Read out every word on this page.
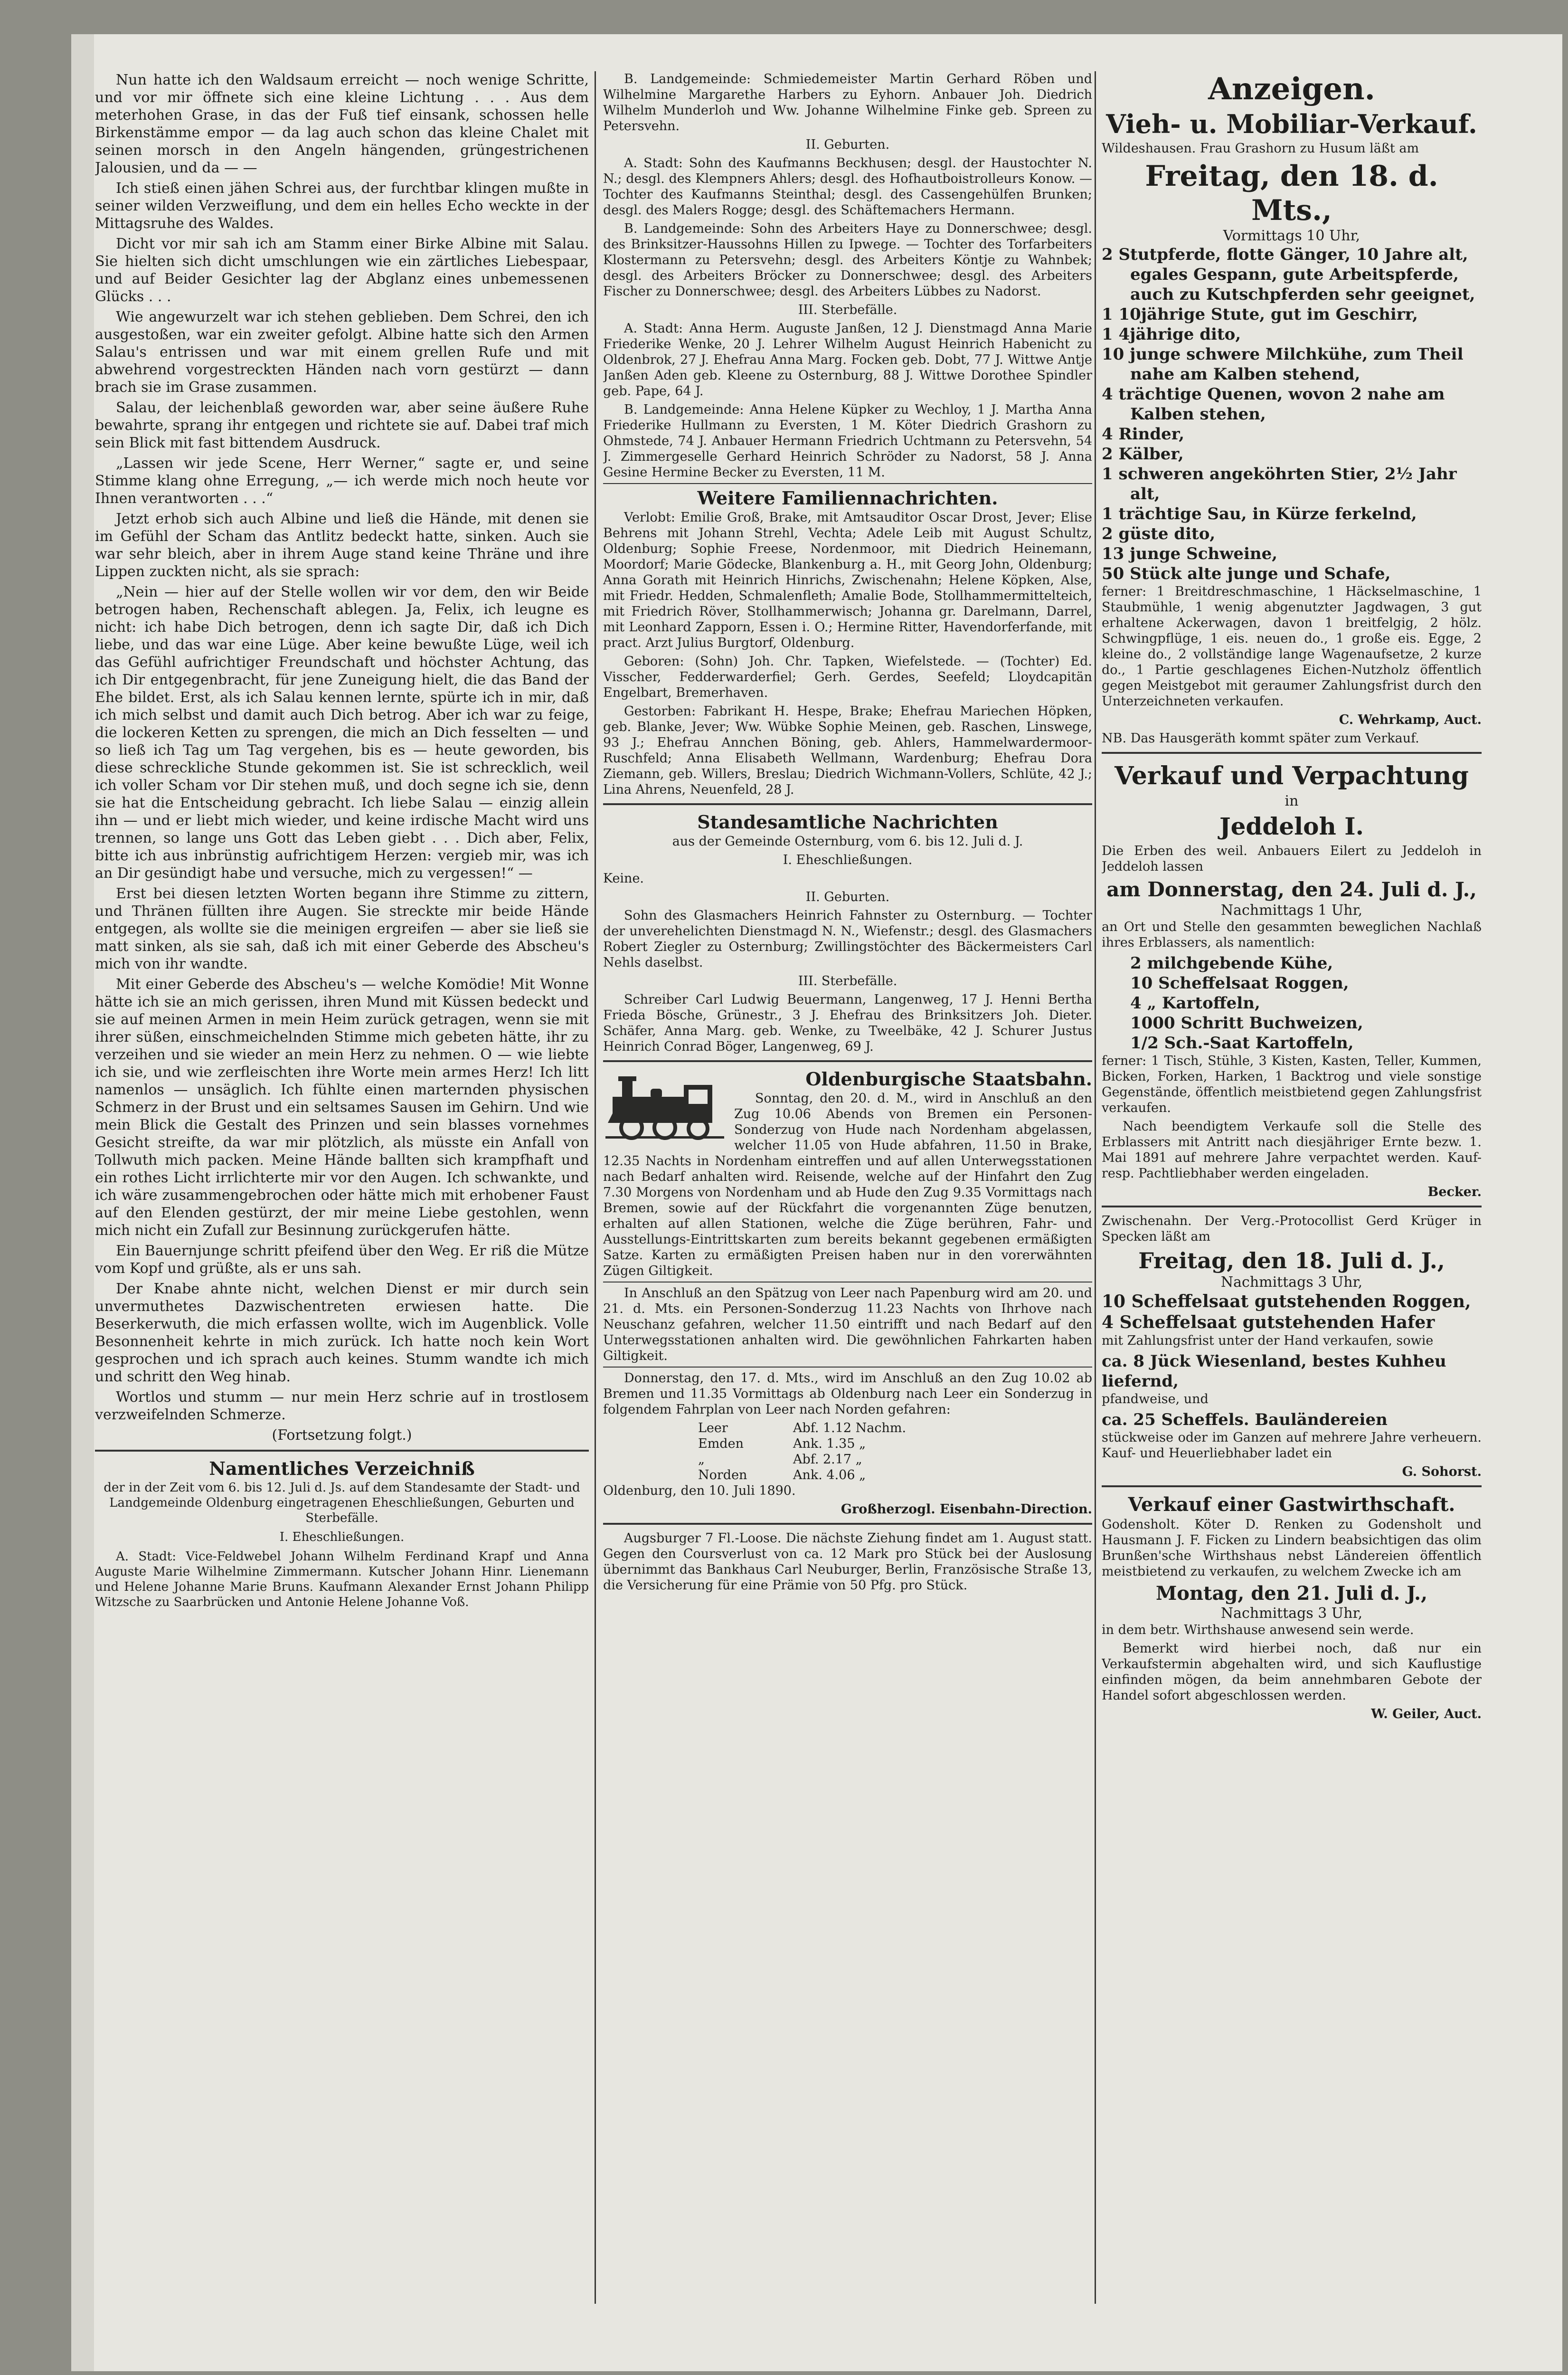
Nun hatte ich den Waldsaum erreicht — noch wenige Schritte, und vor mir öffnete sich eine kleine Lichtung . . . Aus dem meterhohen Grase, in das der Fuß tief einsank, schossen helle Birkenstämme empor — da lag auch schon das kleine Chalet mit seinen morsch in den Angeln hängenden, grüngestrichenen Jalousien, und da — —

Ich stieß einen jähen Schrei aus, der furchtbar klingen mußte in seiner wilden Verzweiflung, und dem ein helles Echo weckte in der Mittagsruhe des Waldes.

Dicht vor mir sah ich am Stamm einer Birke Albine mit Salau. Sie hielten sich dicht umschlungen wie ein zärtliches Liebespaar, und auf Beider Gesichter lag der Abglanz eines unbemessenen Glücks . . .

Wie angewurzelt war ich stehen geblieben. Dem Schrei, den ich ausgestoßen, war ein zweiter gefolgt. Albine hatte sich den Armen Salau's entrissen und war mit einem grellen Rufe und mit abwehrend vorgestreckten Händen nach vorn gestürzt — dann brach sie im Grase zusammen.

Salau, der leichenblaß geworden war, aber seine äußere Ruhe bewahrte, sprang ihr entgegen und richtete sie auf. Dabei traf mich sein Blick mit fast bittendem Ausdruck.

„Lassen wir jede Scene, Herr Werner,“ sagte er, und seine Stimme klang ohne Erregung, „— ich werde mich noch heute vor Ihnen verantworten . . .“

Jetzt erhob sich auch Albine und ließ die Hände, mit denen sie im Gefühl der Scham das Antlitz bedeckt hatte, sinken. Auch sie war sehr bleich, aber in ihrem Auge stand keine Thräne und ihre Lippen zuckten nicht, als sie sprach:

„Nein — hier auf der Stelle wollen wir vor dem, den wir Beide betrogen haben, Rechenschaft ablegen. Ja, Felix, ich leugne es nicht: ich habe Dich betrogen, denn ich sagte Dir, daß ich Dich liebe, und das war eine Lüge. Aber keine bewußte Lüge, weil ich das Gefühl aufrichtiger Freundschaft und höchster Achtung, das ich Dir entgegenbracht, für jene Zuneigung hielt, die das Band der Ehe bildet. Erst, als ich Salau kennen lernte, spürte ich in mir, daß ich mich selbst und damit auch Dich betrog. Aber ich war zu feige, die lockeren Ketten zu sprengen, die mich an Dich fesselten — und so ließ ich Tag um Tag vergehen, bis es — heute geworden, bis diese schreckliche Stunde gekommen ist. Sie ist schrecklich, weil ich voller Scham vor Dir stehen muß, und doch segne ich sie, denn sie hat die Entscheidung gebracht. Ich liebe Salau — einzig allein ihn — und er liebt mich wieder, und keine irdische Macht wird uns trennen, so lange uns Gott das Leben giebt . . . Dich aber, Felix, bitte ich aus inbrünstig aufrichtigem Herzen: vergieb mir, was ich an Dir gesündigt habe und versuche, mich zu vergessen!“ —

Erst bei diesen letzten Worten begann ihre Stimme zu zittern, und Thränen füllten ihre Augen. Sie streckte mir beide Hände entgegen, als wollte sie die meinigen ergreifen — aber sie ließ sie matt sinken, als sie sah, daß ich mit einer Geberde des Abscheu's mich von ihr wandte.

Mit einer Geberde des Abscheu's — welche Komödie! Mit Wonne hätte ich sie an mich gerissen, ihren Mund mit Küssen bedeckt und sie auf meinen Armen in mein Heim zurück getragen, wenn sie mit ihrer süßen, einschmeichelnden Stimme mich gebeten hätte, ihr zu verzeihen und sie wieder an mein Herz zu nehmen. O — wie liebte ich sie, und wie zerfleischten ihre Worte mein armes Herz! Ich litt namenlos — unsäglich. Ich fühlte einen marternden physischen Schmerz in der Brust und ein seltsames Sausen im Gehirn. Und wie mein Blick die Gestalt des Prinzen und sein blasses vornehmes Gesicht streifte, da war mir plötzlich, als müsste ein Anfall von Tollwuth mich packen. Meine Hände ballten sich krampfhaft und ein rothes Licht irrlichterte mir vor den Augen. Ich schwankte, und ich wäre zusammengebrochen oder hätte mich mit erhobener Faust auf den Elenden gestürzt, der mir meine Liebe gestohlen, wenn mich nicht ein Zufall zur Besinnung zurückgerufen hätte.

Ein Bauernjunge schritt pfeifend über den Weg. Er riß die Mütze vom Kopf und grüßte, als er uns sah.

Der Knabe ahnte nicht, welchen Dienst er mir durch sein unvermuthetes Dazwischentreten erwiesen hatte. Die Beserkerwuth, die mich erfassen wollte, wich im Augenblick. Volle Besonnenheit kehrte in mich zurück. Ich hatte noch kein Wort gesprochen und ich sprach auch keines. Stumm wandte ich mich und schritt den Weg hinab.

Wortlos und stumm — nur mein Herz schrie auf in trostlosem verzweifelnden Schmerze.

(Fortsetzung folgt.)

Namentliches Verzeichniß

der in der Zeit vom 6. bis 12. Juli d. Js. auf dem Standesamte der Stadt- und Landgemeinde Oldenburg eingetragenen Eheschließungen, Geburten und Sterbefälle.

I. Eheschließungen.

A. Stadt: Vice-Feldwebel Johann Wilhelm Ferdinand Krapf und Anna Auguste Marie Wilhelmine Zimmermann. Kutscher Johann Hinr. Lienemann und Helene Johanne Marie Bruns. Kaufmann Alexander Ernst Johann Philipp Witzsche zu Saarbrücken und Antonie Helene Johanne Voß.

B. Landgemeinde: Schmiedemeister Martin Gerhard Röben und Wilhelmine Margarethe Harbers zu Eyhorn. Anbauer Joh. Diedrich Wilhelm Munderloh und Ww. Johanne Wilhelmine Finke geb. Spreen zu Petersvehn.

II. Geburten.

A. Stadt: Sohn des Kaufmanns Beckhusen; desgl. der Haustochter N. N.; desgl. des Klempners Ahlers; desgl. des Hofhautboistrolleurs Konow. — Tochter des Kaufmanns Steinthal; desgl. des Cassengehülfen Brunken; desgl. des Malers Rogge; desgl. des Schäftemachers Hermann.

B. Landgemeinde: Sohn des Arbeiters Haye zu Donnerschwee; desgl. des Brinksitzer-Haussohns Hillen zu Ipwege. — Tochter des Torfarbeiters Klostermann zu Petersvehn; desgl. des Arbeiters Köntje zu Wahnbek; desgl. des Arbeiters Bröcker zu Donnerschwee; desgl. des Arbeiters Fischer zu Donnerschwee; desgl. des Arbeiters Lübbes zu Nadorst.

III. Sterbefälle.

A. Stadt: Anna Herm. Auguste Janßen, 12 J. Dienstmagd Anna Marie Friederike Wenke, 20 J. Lehrer Wilhelm August Heinrich Habenicht zu Oldenbrok, 27 J. Ehefrau Anna Marg. Focken geb. Dobt, 77 J. Wittwe Antje Janßen Aden geb. Kleene zu Osternburg, 88 J. Wittwe Dorothee Spindler geb. Pape, 64 J.

B. Landgemeinde: Anna Helene Küpker zu Wechloy, 1 J. Martha Anna Friederike Hullmann zu Eversten, 1 M. Köter Diedrich Grashorn zu Ohmstede, 74 J. Anbauer Hermann Friedrich Uchtmann zu Petersvehn, 54 J. Zimmergeselle Gerhard Heinrich Schröder zu Nadorst, 58 J. Anna Gesine Hermine Becker zu Eversten, 11 M.

Weitere Familiennachrichten.

Verlobt: Emilie Groß, Brake, mit Amtsauditor Oscar Drost, Jever; Elise Behrens mit Johann Strehl, Vechta; Adele Leib mit August Schultz, Oldenburg; Sophie Freese, Nordenmoor, mit Diedrich Heinemann, Moordorf; Marie Gödecke, Blankenburg a. H., mit Georg John, Oldenburg; Anna Gorath mit Heinrich Hinrichs, Zwischenahn; Helene Köpken, Alse, mit Friedr. Hedden, Schmalenfleth; Amalie Bode, Stollhammermittelteich, mit Friedrich Röver, Stollhammerwisch; Johanna gr. Darelmann, Darrel, mit Leonhard Zapporn, Essen i. O.; Hermine Ritter, Havendorferfande, mit pract. Arzt Julius Burgtorf, Oldenburg.

Geboren: (Sohn) Joh. Chr. Tapken, Wiefelstede. — (Tochter) Ed. Visscher, Fedderwarderfiel; Gerh. Gerdes, Seefeld; Lloydcapitän Engelbart, Bremerhaven.

Gestorben: Fabrikant H. Hespe, Brake; Ehefrau Mariechen Höpken, geb. Blanke, Jever; Ww. Wübke Sophie Meinen, geb. Raschen, Linswege, 93 J.; Ehefrau Annchen Böning, geb. Ahlers, Hammelwardermoor-Ruschfeld; Anna Elisabeth Wellmann, Wardenburg; Ehefrau Dora Ziemann, geb. Willers, Breslau; Diedrich Wichmann-Vollers, Schlüte, 42 J.; Lina Ahrens, Neuenfeld, 28 J.

Standesamtliche Nachrichten

aus der Gemeinde Osternburg, vom 6. bis 12. Juli d. J.

I. Eheschließungen.

Keine.

II. Geburten.

Sohn des Glasmachers Heinrich Fahnster zu Osternburg. — Tochter der unverehelichten Dienstmagd N. N., Wiefenstr.; desgl. des Glasmachers Robert Ziegler zu Osternburg; Zwillingstöchter des Bäckermeisters Carl Nehls daselbst.

III. Sterbefälle.

Schreiber Carl Ludwig Beuermann, Langenweg, 17 J. Henni Bertha Frieda Bösche, Grünestr., 3 J. Ehefrau des Brinksitzers Joh. Dieter. Schäfer, Anna Marg. geb. Wenke, zu Tweelbäke, 42 J. Schurer Justus Heinrich Conrad Böger, Langenweg, 69 J.

Oldenburgische Staatsbahn.

Sonntag, den 20. d. M., wird in Anschluß an den Zug 10.06 Abends von Bremen ein Personen-Sonderzug von Hude nach Nordenham abgelassen, welcher 11.05 von Hude abfahren, 11.50 in Brake, 12.35 Nachts in Nordenham eintreffen und auf allen Unterwegsstationen nach Bedarf anhalten wird. Reisende, welche auf der Hinfahrt den Zug 7.30 Morgens von Nordenham und ab Hude den Zug 9.35 Vormittags nach Bremen, sowie auf der Rückfahrt die vorgenannten Züge benutzen, erhalten auf allen Stationen, welche die Züge berühren, Fahr- und Ausstellungs-Eintrittskarten zum bereits bekannt gegebenen ermäßigten Satze. Karten zu ermäßigten Preisen haben nur in den vorerwähnten Zügen Giltigkeit.

In Anschluß an den Spätzug von Leer nach Papenburg wird am 20. und 21. d. Mts. ein Personen-Sonderzug 11.23 Nachts von Ihrhove nach Neuschanz gefahren, welcher 11.50 eintrifft und nach Bedarf auf den Unterwegsstationen anhalten wird. Die gewöhnlichen Fahrkarten haben Giltigkeit.

Donnerstag, den 17. d. Mts., wird im Anschluß an den Zug 10.02 ab Bremen und 11.35 Vormittags ab Oldenburg nach Leer ein Sonderzug in folgendem Fahrplan von Leer nach Norden gefahren:

Leer	Abf. 1.12 Nachm.
Emden	Ank. 1.35 „
„	Abf. 2.17 „
Norden	Ank. 4.06 „

Oldenburg, den 10. Juli 1890.

Großherzogl. Eisenbahn-Direction.

Augsburger 7 Fl.-Loose. Die nächste Ziehung findet am 1. August statt. Gegen den Coursverlust von ca. 12 Mark pro Stück bei der Auslosung übernimmt das Bankhaus Carl Neuburger, Berlin, Französische Straße 13, die Versicherung für eine Prämie von 50 Pfg. pro Stück.

Anzeigen.
Vieh- u. Mobiliar-Verkauf.

Wildeshausen. Frau Grashorn zu Husum läßt am

Freitag, den 18. d. Mts.,
Vormittags 10 Uhr,
2 Stutpferde, flotte Gänger, 10 Jahre alt, egales Gespann, gute Arbeitspferde, auch zu Kutschpferden sehr geeignet,
1 10jährige Stute, gut im Geschirr,
1 4jährige dito,
10 junge schwere Milchkühe, zum Theil nahe am Kalben stehend,
4 trächtige Quenen, wovon 2 nahe am Kalben stehen,
4 Rinder,
2 Kälber,
1 schweren angeköhrten Stier, 2½ Jahr alt,
1 trächtige Sau, in Kürze ferkelnd,
2 güste dito,
13 junge Schweine,
50 Stück alte junge und Schafe,

ferner: 1 Breitdreschmaschine, 1 Häckselmaschine, 1 Staubmühle, 1 wenig abgenutzter Jagdwagen, 3 gut erhaltene Ackerwagen, davon 1 breitfelgig, 2 hölz. Schwingpflüge, 1 eis. neuen do., 1 große eis. Egge, 2 kleine do., 2 vollständige lange Wagenaufsetze, 2 kurze do., 1 Partie geschlagenes Eichen-Nutzholz öffentlich gegen Meistgebot mit geraumer Zahlungsfrist durch den Unterzeichneten verkaufen.

C. Wehrkamp, Auct.

NB. Das Hausgeräth kommt später zum Verkauf.

Verkauf und Verpachtung
in
Jeddeloh I.

Die Erben des weil. Anbauers Eilert zu Jeddeloh in Jeddeloh lassen

am Donnerstag, den 24. Juli d. J.,
Nachmittags 1 Uhr,

an Ort und Stelle den gesammten beweglichen Nachlaß ihres Erblassers, als namentlich:

2 milchgebende Kühe,
10 Scheffelsaat Roggen,
4 „ Kartoffeln,
1000 Schritt Buchweizen,
1/2 Sch.-Saat Kartoffeln,

ferner: 1 Tisch, Stühle, 3 Kisten, Kasten, Teller, Kummen, Bicken, Forken, Harken, 1 Backtrog und viele sonstige Gegenstände, öffentlich meistbietend gegen Zahlungsfrist verkaufen.

Nach beendigtem Verkaufe soll die Stelle des Erblassers mit Antritt nach diesjähriger Ernte bezw. 1. Mai 1891 auf mehrere Jahre verpachtet werden. Kauf- resp. Pachtliebhaber werden eingeladen.

Becker.

Zwischenahn. Der Verg.-Protocollist Gerd Krüger in Specken läßt am

Freitag, den 18. Juli d. J.,
Nachmittags 3 Uhr,
10 Scheffelsaat gutstehenden Roggen,
4 Scheffelsaat gutstehenden Hafer

mit Zahlungsfrist unter der Hand verkaufen, sowie

ca. 8 Jück Wiesenland, bestes Kuhheu liefernd,

pfandweise, und

ca. 25 Scheffels. Bauländereien

stückweise oder im Ganzen auf mehrere Jahre verheuern. Kauf- und Heuerliebhaber ladet ein

G. Sohorst.

Verkauf einer Gastwirthschaft.

Godensholt. Köter D. Renken zu Godensholt und Hausmann J. F. Ficken zu Lindern beabsichtigen das olim Brunßen'sche Wirthshaus nebst Ländereien öffentlich meistbietend zu verkaufen, zu welchem Zwecke ich am

Montag, den 21. Juli d. J.,
Nachmittags 3 Uhr,

in dem betr. Wirthshause anwesend sein werde.

Bemerkt wird hierbei noch, daß nur ein Verkaufstermin abgehalten wird, und sich Kauflustige einfinden mögen, da beim annehmbaren Gebote der Handel sofort abgeschlossen werden.

W. Geiler, Auct.
